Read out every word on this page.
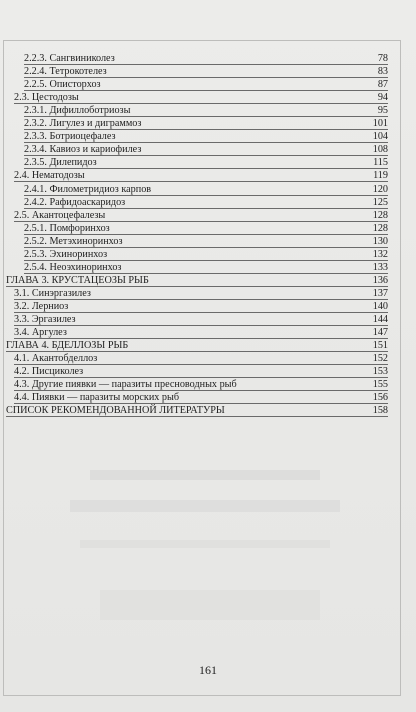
2.2.3. Сангвиниколез	78
2.2.4. Тетрокотелез	83
2.2.5. Описторхоз	87
2.3. Цестодозы	94
2.3.1. Дифиллоботриозы	95
2.3.2. Лигулез и диграммоз	101
2.3.3. Ботриоцефалез	104
2.3.4. Кавиоз и кариофилез	108
2.3.5. Дилепидоз	115
2.4. Нематодозы	119
2.4.1. Филометридиоз карпов	120
2.4.2. Рафидоаскаридоз	125
2.5. Акантоцефалезы	128
2.5.1. Помфоринхоз	128
2.5.2. Метэхиноринхоз	130
2.5.3. Эхиноринхоз	132
2.5.4. Неоэхиноринхоз	133
ГЛАВА 3. КРУСТАЦЕОЗЫ РЫБ	136
3.1. Синэргазилез	137
3.2. Лерниоз	140
3.3. Эргазилез	144
3.4. Аргулез	147
ГЛАВА 4. БДЕЛЛОЗЫ РЫБ	151
4.1. Акантобделлоз	152
4.2. Писциколез	153
4.3. Другие пиявки — паразиты пресноводных рыб	155
4.4. Пиявки — паразиты морских рыб	156
СПИСОК РЕКОМЕНДОВАННОЙ ЛИТЕРАТУРЫ	158
161
